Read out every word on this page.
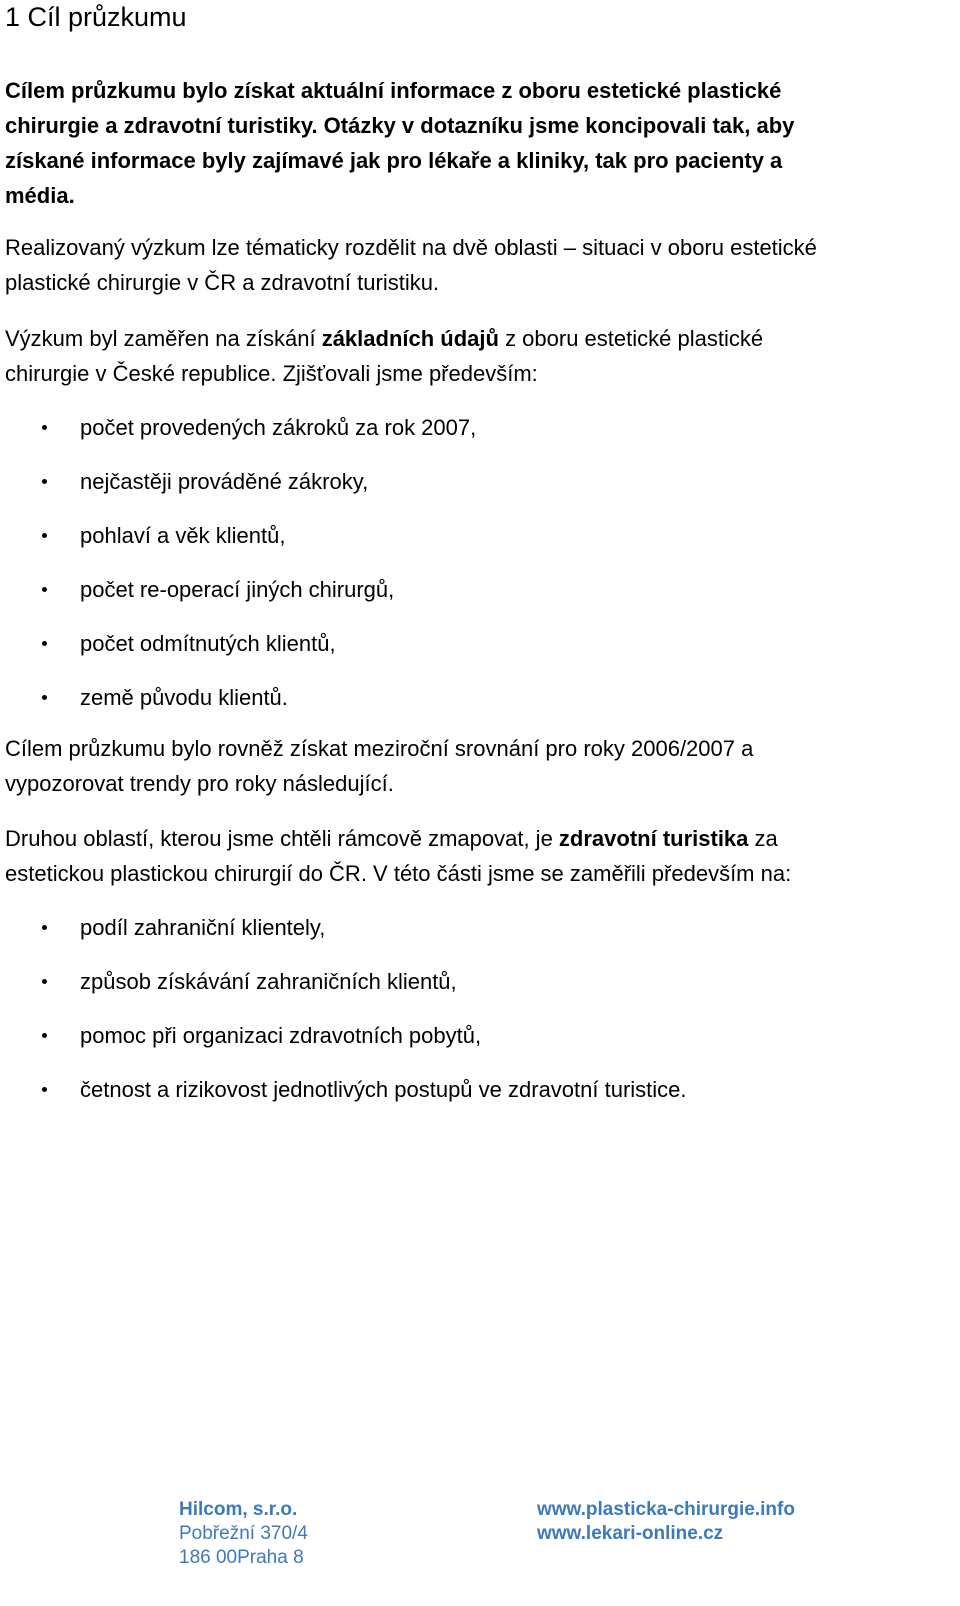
1 Cíl průzkumu
Cílem průzkumu bylo získat aktuální informace z oboru estetické plastické
chirurgie a zdravotní turistiky. Otázky v dotazníku jsme koncipovali tak, aby
získané informace byly zajímavé jak pro lékaře a kliniky, tak pro pacienty a
média.
Realizovaný výzkum lze tématicky rozdělit na dvě oblasti – situaci v oboru estetické
plastické chirurgie v ČR a zdravotní turistiku.
Výzkum byl zaměřen na získání základních údajů z oboru estetické plastické
chirurgie v České republice. Zjišťovali jsme především:
počet provedených zákroků za rok 2007,
nejčastěji prováděné zákroky,
pohlaví a věk klientů,
počet re-operací jiných chirurgů,
počet odmítnutých klientů,
země původu klientů.
Cílem průzkumu bylo rovněž získat meziroční srovnání pro roky 2006/2007 a
vypozorovat trendy pro roky následující.
Druhou oblastí, kterou jsme chtěli rámcově zmapovat, je zdravotní turistika za
estetickou plastickou chirurgií do ČR. V této části jsme se zaměřili především na:
podíl zahraniční klientely,
způsob získávání zahraničních klientů,
pomoc při organizaci zdravotních pobytů,
četnost a rizikovost jednotlivých postupů ve zdravotní turistice.
Hilcom, s.r.o.
Pobřežní 370/4
186 00Praha 8
www.plasticka-chirurgie.info
www.lekari-online.cz
